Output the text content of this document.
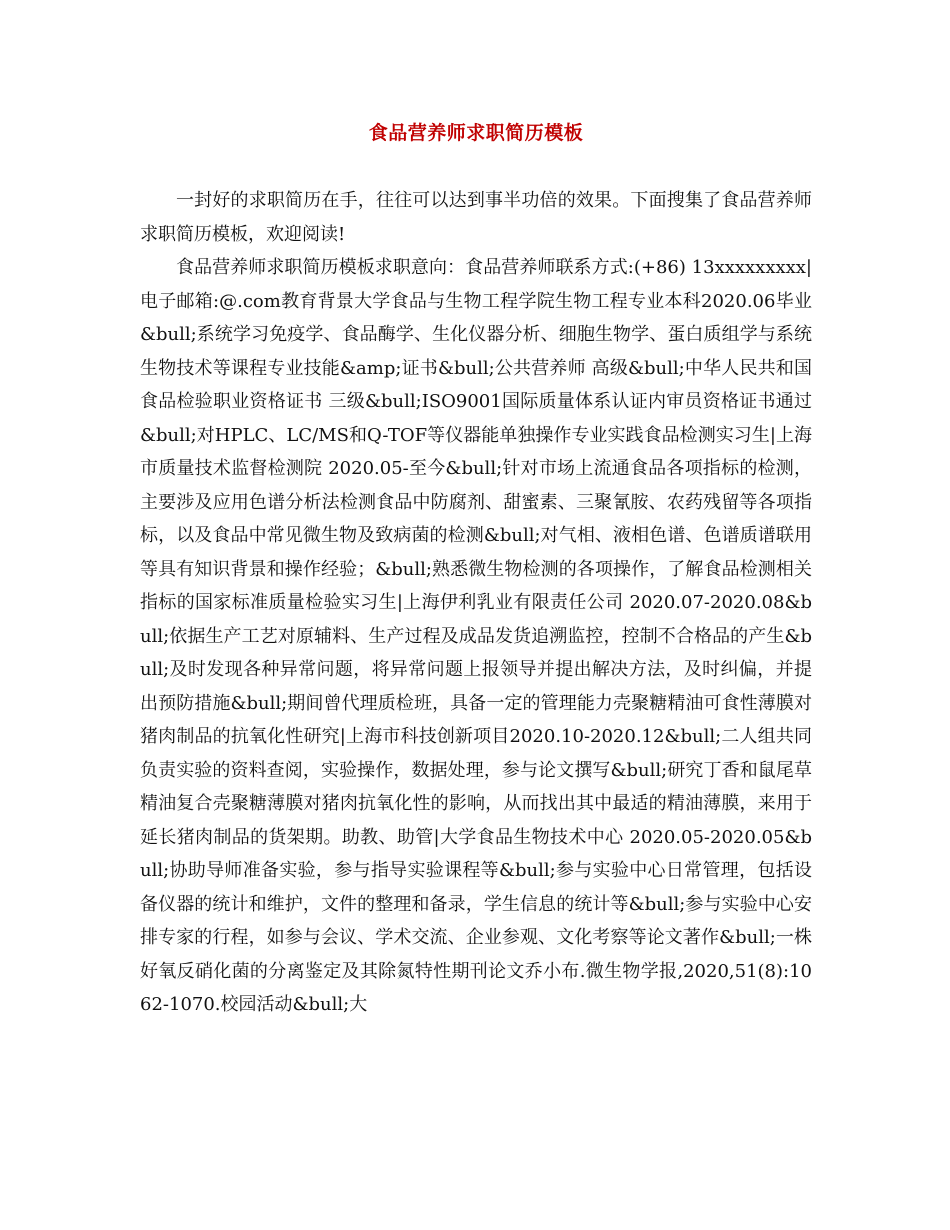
食品营养师求职简历模板

一封好的求职简历在手，往往可以达到事半功倍的效果。下面搜集了食品营养师求职简历模板，欢迎阅读!

食品营养师求职简历模板求职意向：食品营养师联系方式:(+86) 13xxxxxxxxx|电子邮箱:@.com教育背景大学食品与生物工程学院生物工程专业本科2020.06毕业&bull;系统学习免疫学、食品酶学、生化仪器分析、细胞生物学、蛋白质组学与系统生物技术等课程专业技能&amp;证书&bull;公共营养师 高级&bull;中华人民共和国食品检验职业资格证书 三级&bull;ISO9001国际质量体系认证内审员资格证书通过&bull;对HPLC、LC/MS和Q-TOF等仪器能单独操作专业实践食品检测实习生|上海市质量技术监督检测院 2020.05-至今&bull;针对市场上流通食品各项指标的检测，主要涉及应用色谱分析法检测食品中防腐剂、甜蜜素、三聚氰胺、农药残留等各项指标，以及食品中常见微生物及致病菌的检测&bull;对气相、液相色谱、色谱质谱联用等具有知识背景和操作经验；&bull;熟悉微生物检测的各项操作，了解食品检测相关指标的国家标准质量检验实习生|上海伊利乳业有限责任公司 2020.07-2020.08&bull;依据生产工艺对原辅料、生产过程及成品发货追溯监控，控制不合格品的产生&bull;及时发现各种异常问题，将异常问题上报领导并提出解决方法，及时纠偏，并提出预防措施&bull;期间曾代理质检班，具备一定的管理能力壳聚糖精油可食性薄膜对猪肉制品的抗氧化性研究|上海市科技创新项目2020.10-2020.12&bull;二人组共同负责实验的资料查阅，实验操作，数据处理，参与论文撰写&bull;研究丁香和鼠尾草精油复合壳聚糖薄膜对猪肉抗氧化性的影响，从而找出其中最适的精油薄膜，来用于延长猪肉制品的货架期。助教、助管|大学食品生物技术中心 2020.05-2020.05&bull;协助导师准备实验，参与指导实验课程等&bull;参与实验中心日常管理，包括设备仪器的统计和维护，文件的整理和备录，学生信息的统计等&bull;参与实验中心安排专家的行程，如参与会议、学术交流、企业参观、文化考察等论文著作&bull;一株好氧反硝化菌的分离鉴定及其除氮特性期刊论文乔小布.微生物学报,2020,51(8):1062-1070.校园活动&bull;大
